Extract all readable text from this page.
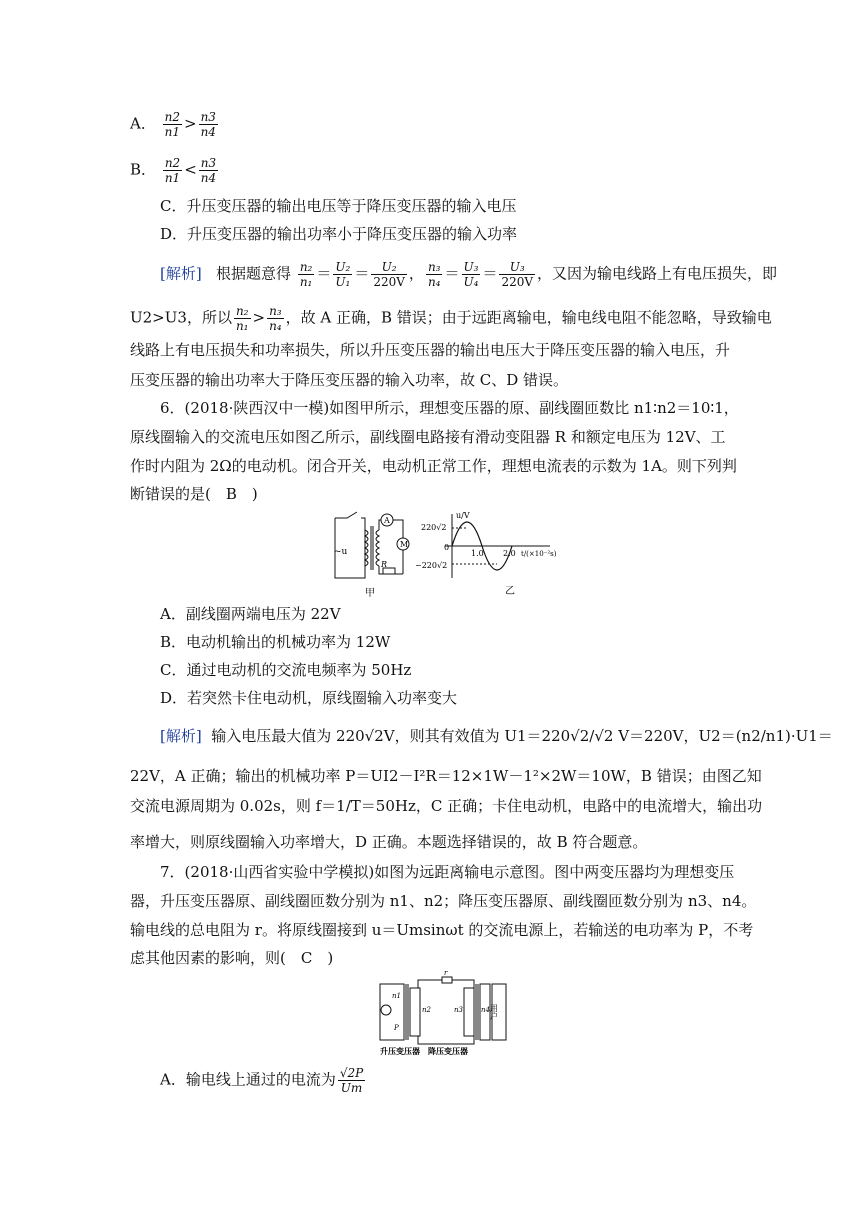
A． $\frac{n2}{n1} > \frac{n3}{n4}$
B． $\frac{n2}{n1} < \frac{n3}{n4}$
C．升压变压器的输出电压等于降压变压器的输入电压
D．升压变压器的输出功率小于降压变压器的输入功率
[解析] 根据题意得 $\frac{\text{n₂}}{\text{n₁}} = \frac{\text{U₂}}{\text{U₁}} = \frac{\text{U₂}}{220V}$ ， $\frac{\text{n₃}}{\text{n₄}} = \frac{\text{U₃}}{\text{U₄}} = \frac{\text{U₃}}{220V}$ ，又因为输电线路上有电压损失，即
U2>U3，所以 $\frac{\text{n₂}}{\text{n₁}} > \frac{\text{n₃}}{\text{n₄}}$ ，故 A 正确，B 错误；由于远距离输电，输电线电阻不能忽略，导致输电
线路上有电压损失和功率损失，所以升压变压器的输出电压大于降压变压器的输入电压，升
压变压器的输出功率大于降压变压器的输入功率，故 C、D 错误。
6．(2018·陕西汉中一模)如图甲所示，理想变压器的原、副线圈匝数比 n1∶n2＝10∶1，
原线圈输入的交流电压如图乙所示，副线圈电路接有滑动变阻器 R 和额定电压为 12V、工
作时内阻为 2Ω的电动机。闭合开关，电动机正常工作，理想电流表的示数为 1A。则下列判
断错误的是(　B　)
~u
A
M
R
甲
u/V
220√2
−220√2
0
1.0 2.0 t/(×10⁻²s)
乙
A．副线圈两端电压为 22V
B．电动机输出的机械功率为 12W
C．通过电动机的交流电频率为 50Hz
D．若突然卡住电动机，原线圈输入功率变大
[解析] 输入电压最大值为 220√2V，则其有效值为 U1＝220√2/√2 V＝220V，U2＝(n2/n1)·U1＝
22V，A 正确；输出的机械功率 P＝UI2－I²R＝12×1W－1²×2W＝10W，B 错误；由图乙知
交流电源周期为 0.02s，则 f＝1/T＝50Hz，C 正确；卡住电动机，电路中的电流增大，输出功
率增大，则原线圈输入功率增大，D 正确。本题选择错误的，故 B 符合题意。
7．(2018·山西省实验中学模拟)如图为远距离输电示意图。图中两变压器均为理想变压
器，升压变压器原、副线圈匝数分别为 n1、n2；降压变压器原、副线圈匝数分别为 n3、n4。
输电线的总电阻为 r。将原线圈接到 u＝Umsinωt 的交流电源上，若输送的电功率为 P，不考
虑其他因素的影响，则(　C　)
r
n1
n2	n3	n4
P
用户
升压变压器　降压变压器
A．输电线上通过的电流为 $\frac{√2P}{Um}$
